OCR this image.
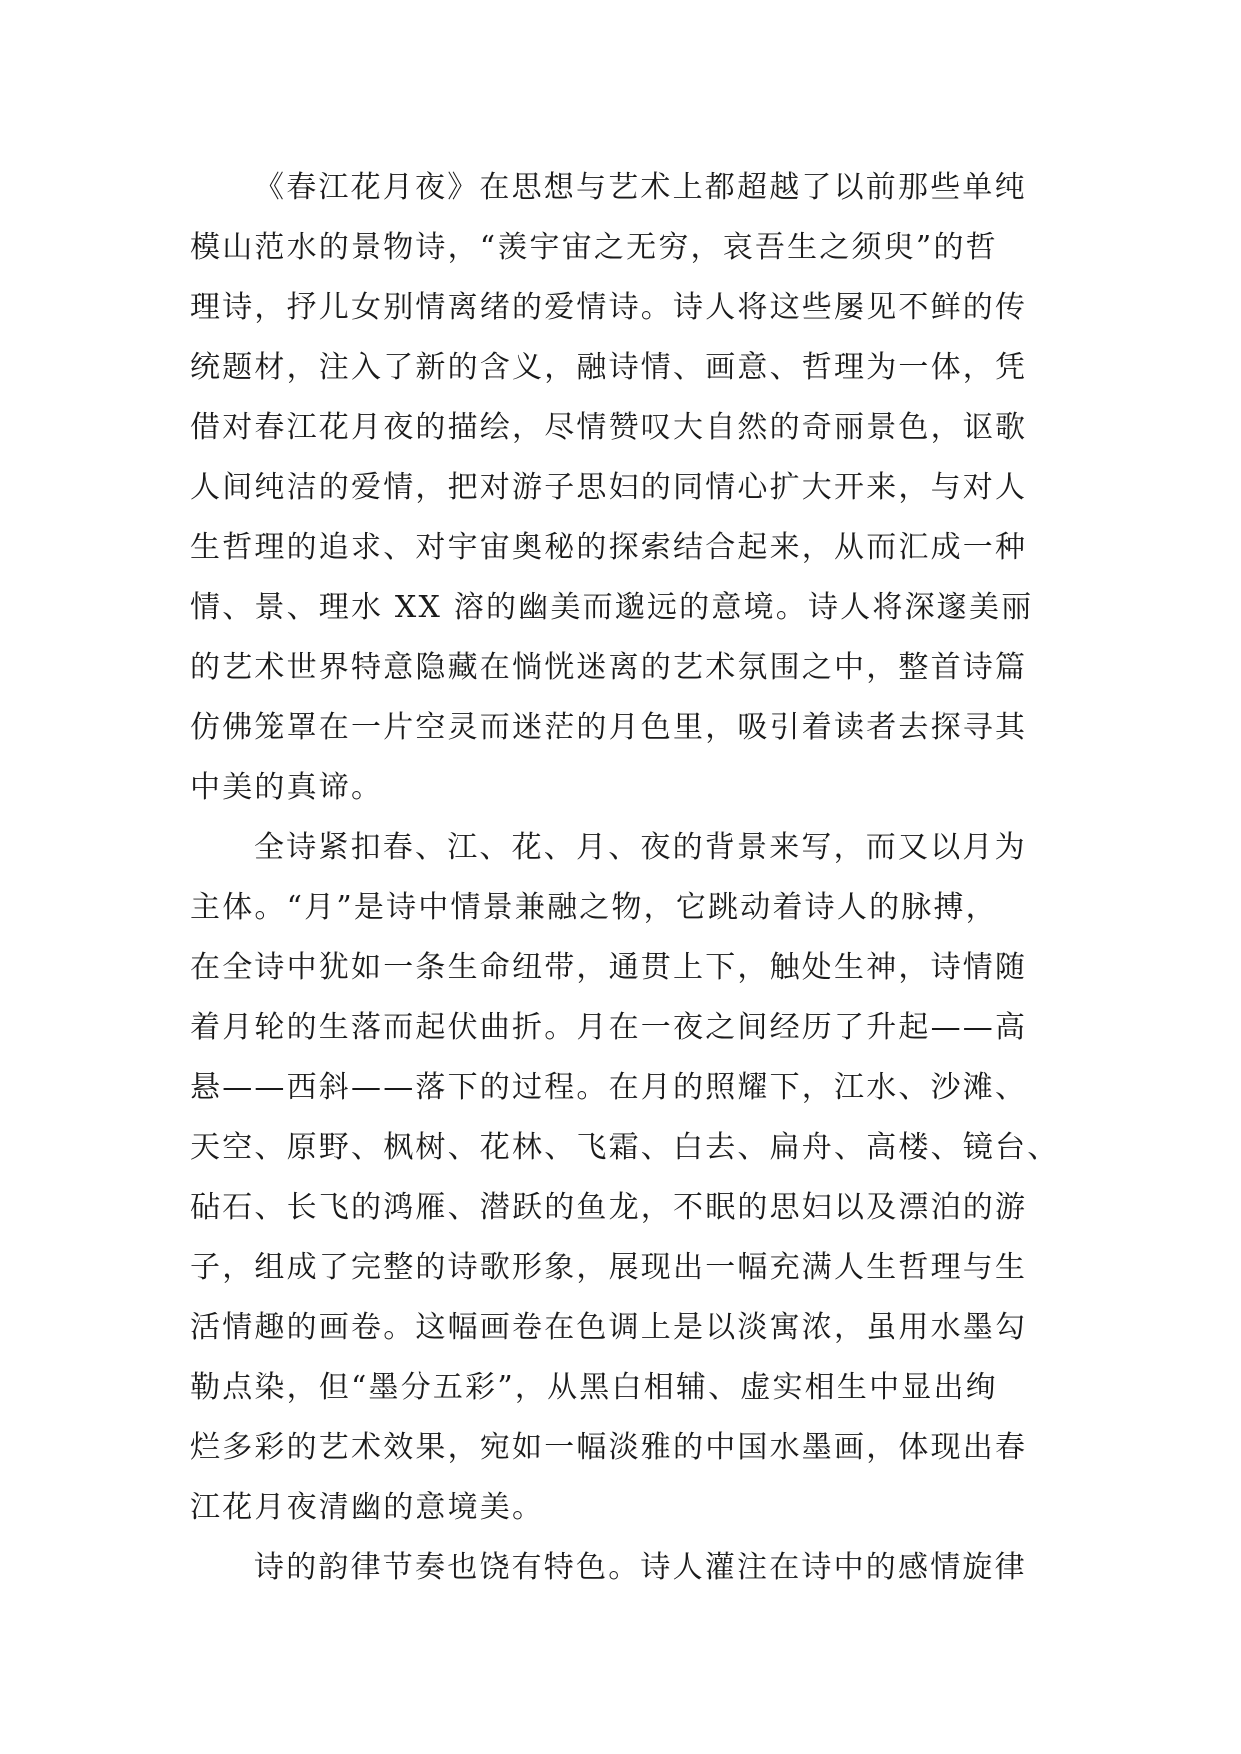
《春江花月夜》在思想与艺术上都超越了以前那些单纯
模山范水的景物诗，“羡宇宙之无穷，哀吾生之须臾”的哲
理诗，抒儿女别情离绪的爱情诗。诗人将这些屡见不鲜的传
统题材，注入了新的含义，融诗情、画意、哲理为一体，凭
借对春江花月夜的描绘，尽情赞叹大自然的奇丽景色，讴歌
人间纯洁的爱情，把对游子思妇的同情心扩大开来，与对人
生哲理的追求、对宇宙奥秘的探索结合起来，从而汇成一种
情、景、理水 XX 溶的幽美而邈远的意境。诗人将深邃美丽
的艺术世界特意隐藏在惝恍迷离的艺术氛围之中，整首诗篇
仿佛笼罩在一片空灵而迷茫的月色里，吸引着读者去探寻其
中美的真谛。
全诗紧扣春、江、花、月、夜的背景来写，而又以月为
主体。“月”是诗中情景兼融之物，它跳动着诗人的脉搏，
在全诗中犹如一条生命纽带，通贯上下，触处生神，诗情随
着月轮的生落而起伏曲折。月在一夜之间经历了升起——高
悬——西斜——落下的过程。在月的照耀下，江水、沙滩、
天空、原野、枫树、花林、飞霜、白去、扁舟、高楼、镜台、
砧石、长飞的鸿雁、潜跃的鱼龙，不眠的思妇以及漂泊的游
子，组成了完整的诗歌形象，展现出一幅充满人生哲理与生
活情趣的画卷。这幅画卷在色调上是以淡寓浓，虽用水墨勾
勒点染，但“墨分五彩”，从黑白相辅、虚实相生中显出绚
烂多彩的艺术效果，宛如一幅淡雅的中国水墨画，体现出春
江花月夜清幽的意境美。
诗的韵律节奏也饶有特色。诗人灌注在诗中的感情旋律
